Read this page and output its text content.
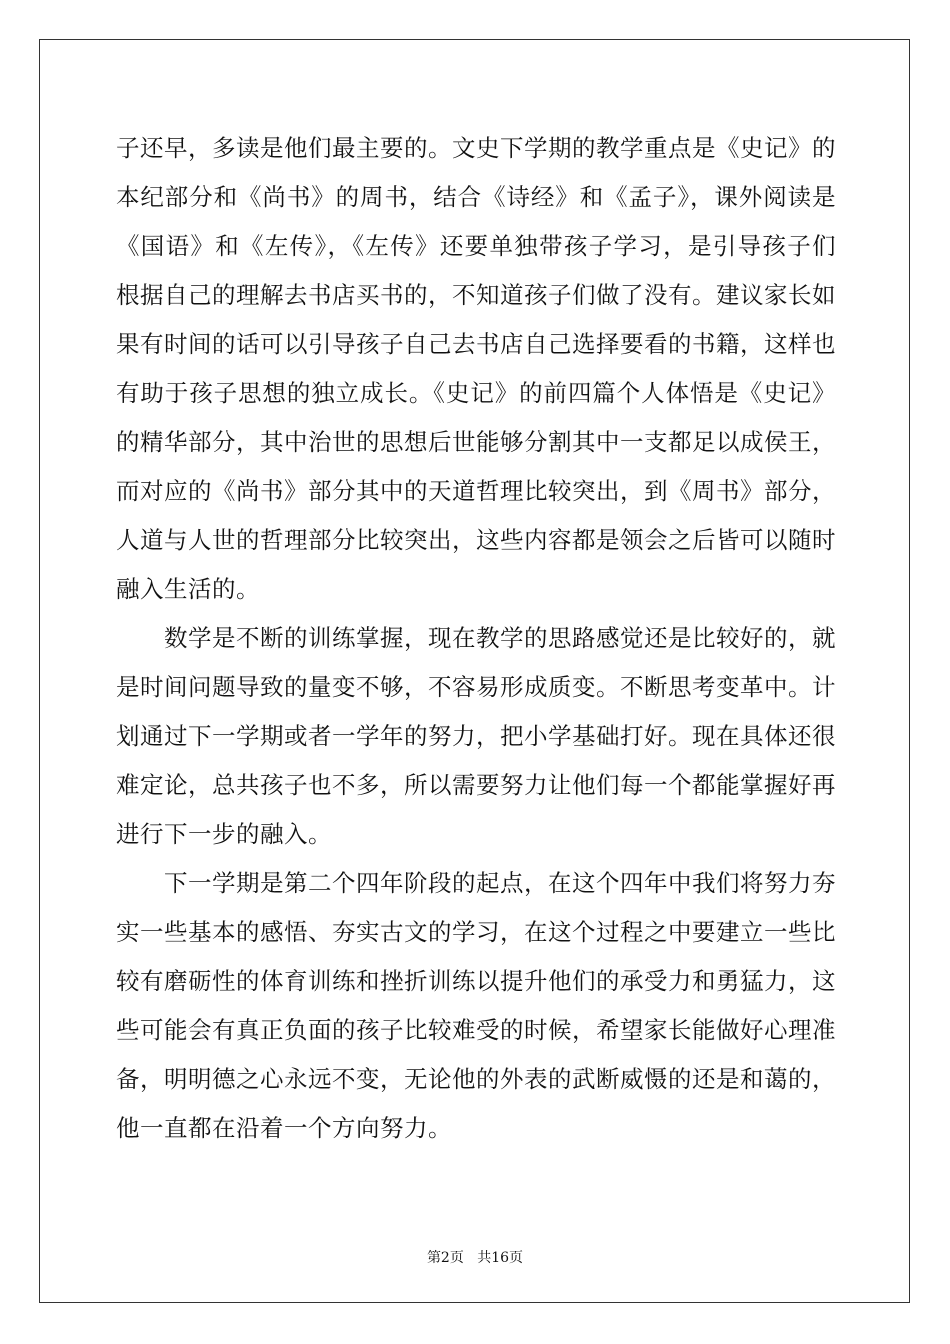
子还早，多读是他们最主要的。文史下学期的教学重点是《史记》的
本纪部分和《尚书》的周书，结合《诗经》和《孟子》，课外阅读是
《国语》和《左传》，《左传》还要单独带孩子学习，是引导孩子们
根据自己的理解去书店买书的，不知道孩子们做了没有。建议家长如
果有时间的话可以引导孩子自己去书店自己选择要看的书籍，这样也
有助于孩子思想的独立成长。《史记》的前四篇个人体悟是《史记》
的精华部分，其中治世的思想后世能够分割其中一支都足以成侯王，
而对应的《尚书》部分其中的天道哲理比较突出，到《周书》部分，
人道与人世的哲理部分比较突出，这些内容都是领会之后皆可以随时
融入生活的。

数学是不断的训练掌握，现在教学的思路感觉还是比较好的，就
是时间问题导致的量变不够，不容易形成质变。不断思考变革中。计
划通过下一学期或者一学年的努力，把小学基础打好。现在具体还很
难定论，总共孩子也不多，所以需要努力让他们每一个都能掌握好再
进行下一步的融入。

下一学期是第二个四年阶段的起点，在这个四年中我们将努力夯
实一些基本的感悟、夯实古文的学习，在这个过程之中要建立一些比
较有磨砺性的体育训练和挫折训练以提升他们的承受力和勇猛力，这
些可能会有真正负面的孩子比较难受的时候，希望家长能做好心理准
备，明明德之心永远不变，无论他的外表的武断威慑的还是和蔼的，
他一直都在沿着一个方向努力。

第2页 共16页
